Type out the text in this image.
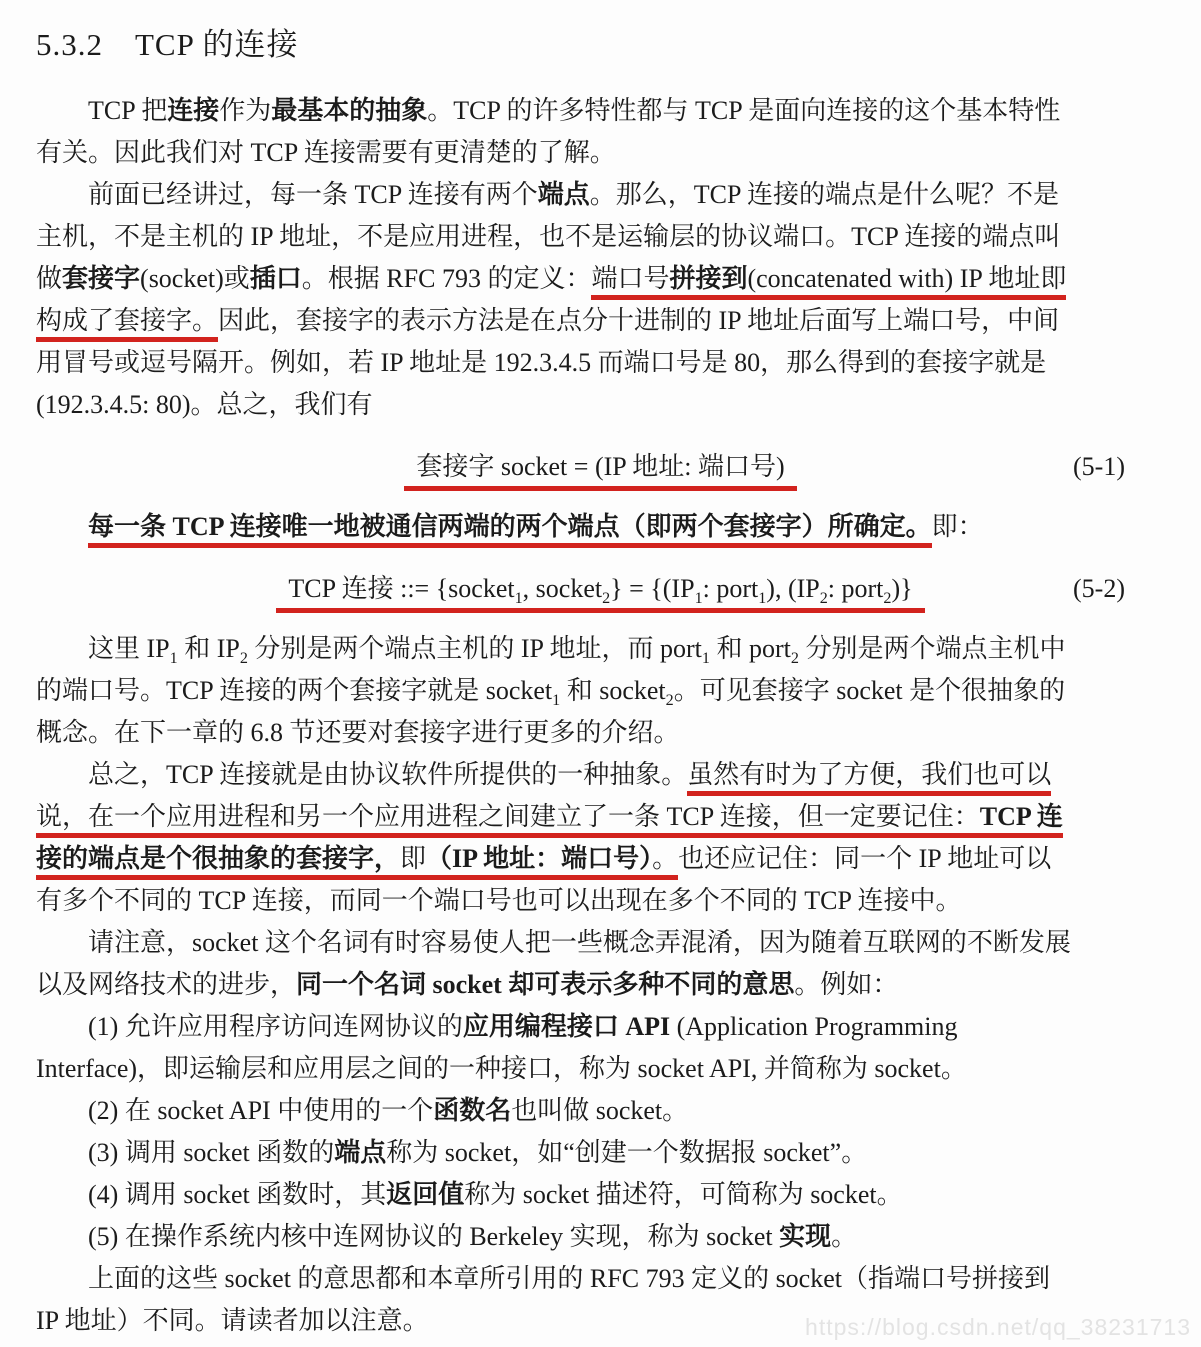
5.3.2　TCP 的连接
TCP 把连接作为最基本的抽象。TCP 的许多特性都与 TCP 是面向连接的这个基本特性
有关。因此我们对 TCP 连接需要有更清楚的了解。
前面已经讲过，每一条 TCP 连接有两个端点。那么，TCP 连接的端点是什么呢？不是
主机，不是主机的 IP 地址，不是应用进程，也不是运输层的协议端口。TCP 连接的端点叫
做套接字(socket)或插口。根据 RFC 793 的定义：端口号拼接到(concatenated with) IP 地址即
构成了套接字。因此，套接字的表示方法是在点分十进制的 IP 地址后面写上端口号，中间
用冒号或逗号隔开。例如，若 IP 地址是 192.3.4.5 而端口号是 80，那么得到的套接字就是
(192.3.4.5: 80)。总之，我们有
套接字 socket = (IP 地址: 端口号)	(5-1)
每一条 TCP 连接唯一地被通信两端的两个端点（即两个套接字）所确定。即：
TCP 连接 ::= {socket$_1$, socket$_2$} = {($IP_1$: port$_1$), ($IP_2$: port$_2$)}	(5-2)
这里 $IP_1$ 和 $IP_2$ 分别是两个端点主机的 IP 地址，而 port$_1$ 和 port$_2$ 分别是两个端点主机中
的端口号。TCP 连接的两个套接字就是 socket$_1$ 和 socket$_2$。可见套接字 socket 是个很抽象的
概念。在下一章的 6.8 节还要对套接字进行更多的介绍。
总之，TCP 连接就是由协议软件所提供的一种抽象。虽然有时为了方便，我们也可以
说，在一个应用进程和另一个应用进程之间建立了一条 TCP 连接，但一定要记住：TCP 连
接的端点是个很抽象的套接字，即（IP 地址：端口号）。也还应记住：同一个 IP 地址可以
有多个不同的 TCP 连接，而同一个端口号也可以出现在多个不同的 TCP 连接中。
请注意，socket 这个名词有时容易使人把一些概念弄混淆，因为随着互联网的不断发展
以及网络技术的进步，同一个名词 socket 却可表示多种不同的意思。例如：
(1) 允许应用程序访问连网协议的应用编程接口 API (Application Programming
Interface)，即运输层和应用层之间的一种接口，称为 socket API, 并简称为 socket。
(2) 在 socket API 中使用的一个函数名也叫做 socket。
(3) 调用 socket 函数的端点称为 socket，如“创建一个数据报 socket”。
(4) 调用 socket 函数时，其返回值称为 socket 描述符，可简称为 socket。
(5) 在操作系统内核中连网协议的 Berkeley 实现，称为 socket 实现。
上面的这些 socket 的意思都和本章所引用的 RFC 793 定义的 socket（指端口号拼接到
IP 地址）不同。请读者加以注意。	https://blog.csdn.net/qq_38231713
